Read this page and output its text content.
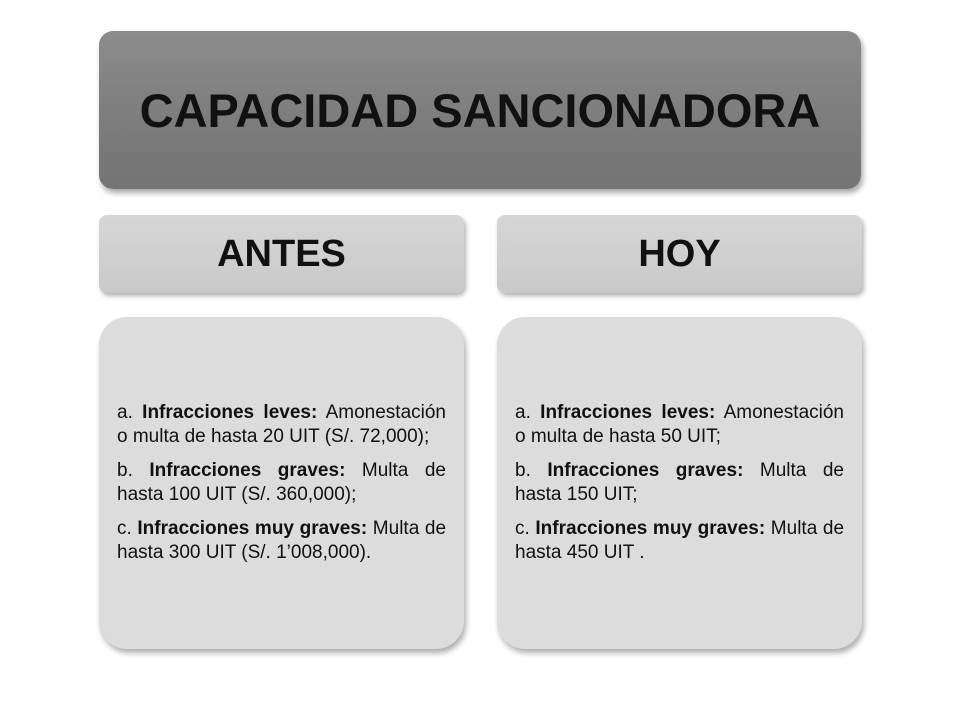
CAPACIDAD SANCIONADORA
ANTES	HOY

a. Infracciones leves: Amonestación o multa de hasta 20 UIT (S/. 72,000);

b. Infracciones graves: Multa de hasta 100 UIT (S/. 360,000);

c. Infracciones muy graves: Multa de hasta 300 UIT (S/. 1’008,000).

a. Infracciones leves: Amonestación o multa de hasta 50 UIT;

b. Infracciones graves: Multa de hasta 150 UIT;

c. Infracciones muy graves: Multa de hasta 450 UIT .
